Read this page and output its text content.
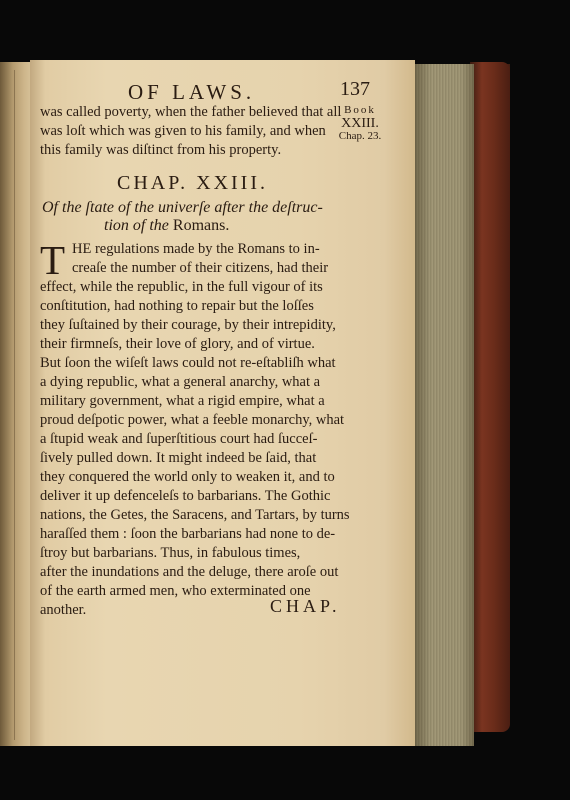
OF LAWS.	137
Book
XXIII.
Chap. 23.
was called poverty, when the father believed that all
was loſt which was given to his family, and when
this family was diſtinct from his property.
CHAP. XXIII.
Of the ſtate of the univerſe after the deſtruc-
tion of the Romans.
T HE regulations made by the Romans to in-
creaſe the number of their citizens, had their
effect, while the republic, in the full vigour of its
conſtitution, had nothing to repair but the loſſes
they ſuſtained by their courage, by their intrepidity,
their firmneſs, their love of glory, and of virtue.
But ſoon the wiſeſt laws could not re-eſtabliſh what
a dying republic, what a general anarchy, what a
military government, what a rigid empire, what a
proud deſpotic power, what a feeble monarchy, what
a ſtupid weak and ſuperſtitious court had ſucceſ-
ſively pulled down. It might indeed be ſaid, that
they conquered the world only to weaken it, and to
deliver it up defenceleſs to barbarians. The Gothic
nations, the Getes, the Saracens, and Tartars, by turns
haraſſed them : ſoon the barbarians had none to de-
ſtroy but barbarians. Thus, in fabulous times,
after the inundations and the deluge, there aroſe out
of the earth armed men, who exterminated one
another.	CHAP.
